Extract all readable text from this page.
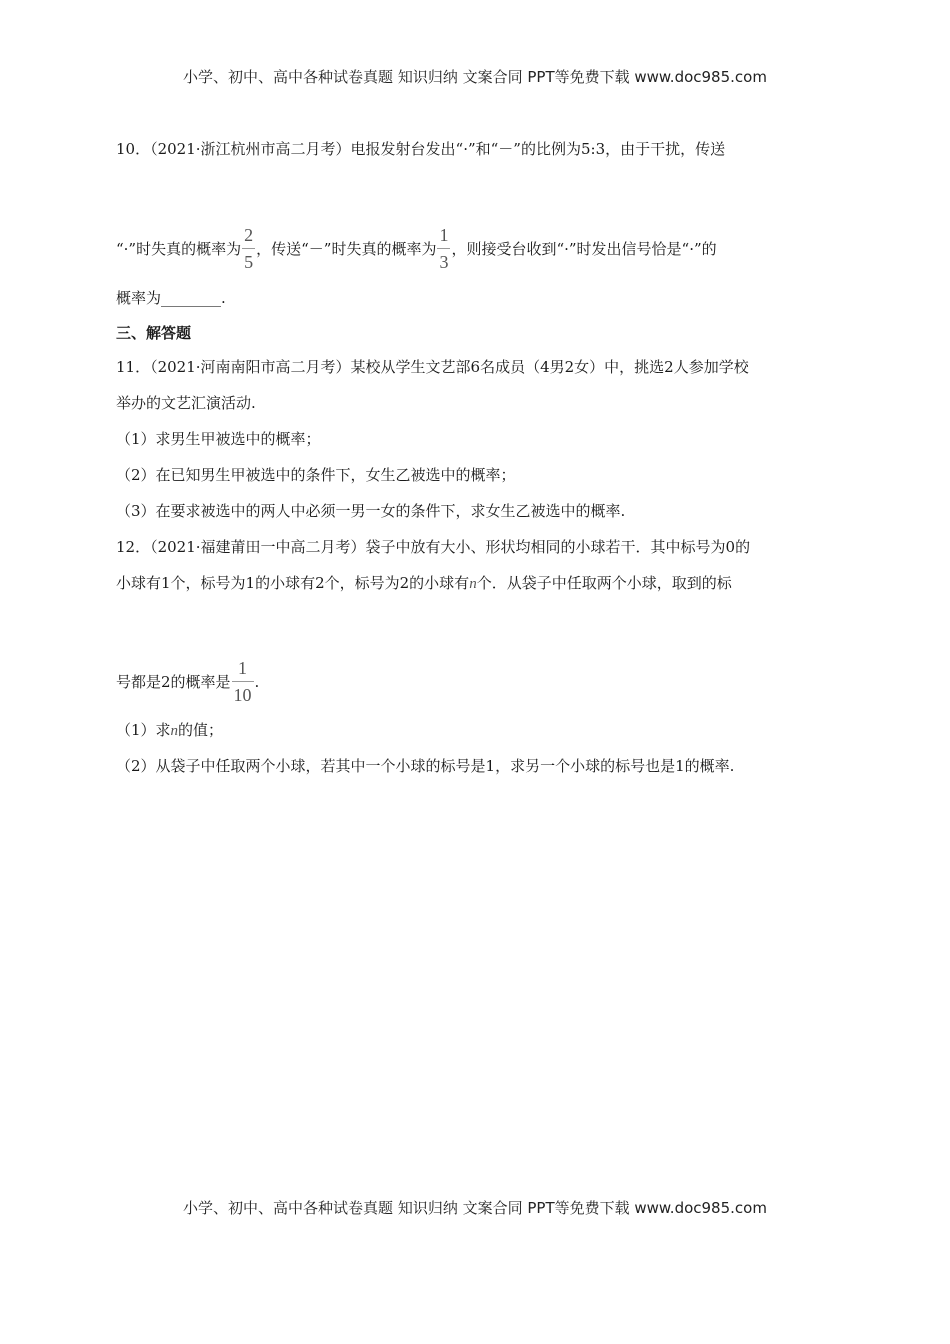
小学、初中、高中各种试卷真题 知识归纳 文案合同 PPT等免费下载 www.doc985.com
10．（2021·浙江杭州市高二月考）电报发射台发出“·”和“－”的比例为5:3，由于干扰，传送
“·”时失真的概率为 $\frac{2}{5}$ ，传送“－”时失真的概率为 $\frac{1}{3}$ ，则接受台收到“·”时发出信号恰是“·”的
概率为________.
三、解答题
11．（2021·河南南阳市高二月考）某校从学生文艺部6名成员（4男2女）中，挑选2人参加学校
举办的文艺汇演活动.
（1）求男生甲被选中的概率；
（2）在已知男生甲被选中的条件下，女生乙被选中的概率；
（3）在要求被选中的两人中必须一男一女的条件下，求女生乙被选中的概率.
12．（2021·福建莆田一中高二月考）袋子中放有大小、形状均相同的小球若干．其中标号为0的
小球有1个，标号为1的小球有2个，标号为2的小球有n个．从袋子中任取两个小球，取到的标
号都是2的概率是 $\frac{1}{10}$ .
（1）求n的值；
（2）从袋子中任取两个小球，若其中一个小球的标号是1，求另一个小球的标号也是1的概率.
小学、初中、高中各种试卷真题 知识归纳 文案合同 PPT等免费下载 www.doc985.com
